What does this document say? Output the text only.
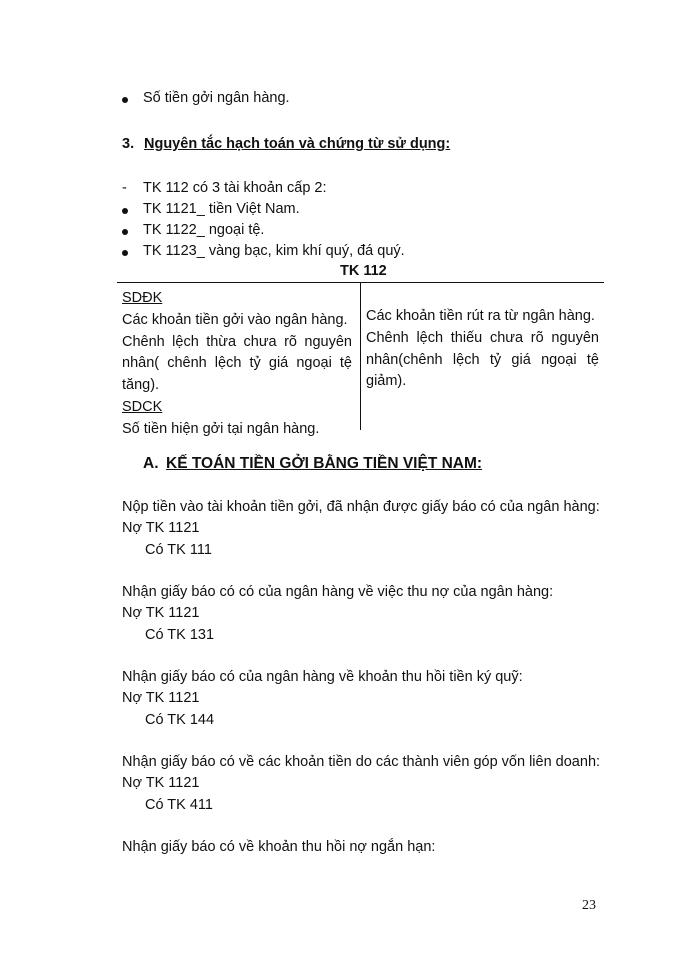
Số tiền gởi ngân hàng.
3. Nguyên tắc hạch toán và chứng từ sử dụng:
- TK 112 có 3 tài khoản cấp 2:
TK 1121_ tiền Việt Nam.
TK 1122_ ngoại tệ.
TK 1123_ vàng bạc, kim khí quý, đá quý.
TK 112
SDĐK
Các khoản tiền gởi vào ngân hàng.
Chênh lệch thừa chưa rõ nguyên
nhân( chênh lệch tỷ giá ngoại tệ
tăng).
SDCK
Số tiền hiện gởi tại ngân hàng.
Các khoản tiền rút ra từ ngân hàng.
Chênh lệch thiếu chưa rõ nguyên
nhân(chênh lệch tỷ giá ngoại tệ
giảm).
A. KẾ TOÁN TIỀN GỞI BẰNG TIỀN VIỆT NAM:
Nộp tiền vào tài khoản tiền gởi, đã nhận được giấy báo có của ngân hàng:
Nợ TK 1121
Có TK 111
Nhận giấy báo có có của ngân hàng về việc thu nợ của ngân hàng:
Nợ TK 1121
Có TK 131
Nhận giấy báo có của ngân hàng về khoản thu hồi tiền ký quỹ:
Nợ TK 1121
Có TK 144
Nhận giấy báo có về các khoản tiền do các thành viên góp vốn liên doanh:
Nợ TK 1121
Có TK 411
Nhận giấy báo có về khoản thu hồi nợ ngắn hạn:
23
